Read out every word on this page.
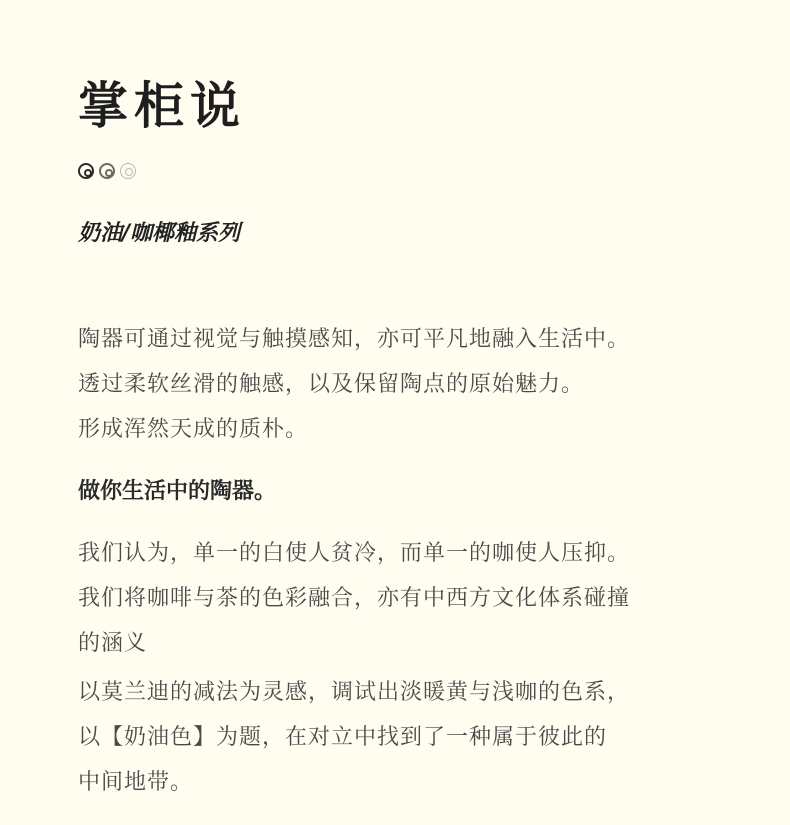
掌柜说

奶油/咖椰釉系列

陶器可通过视觉与触摸感知，亦可平凡地融入生活中。
透过柔软丝滑的触感，以及保留陶点的原始魅力。
形成浑然天成的质朴。

做你生活中的陶器。

我们认为，单一的白使人贫冷，而单一的咖使人压抑。
我们将咖啡与茶的色彩融合，亦有中西方文化体系碰撞
的涵义

以莫兰迪的减法为灵感，调试出淡暖黄与浅咖的色系，
以【奶油色】为题，在对立中找到了一种属于彼此的
中间地带。
